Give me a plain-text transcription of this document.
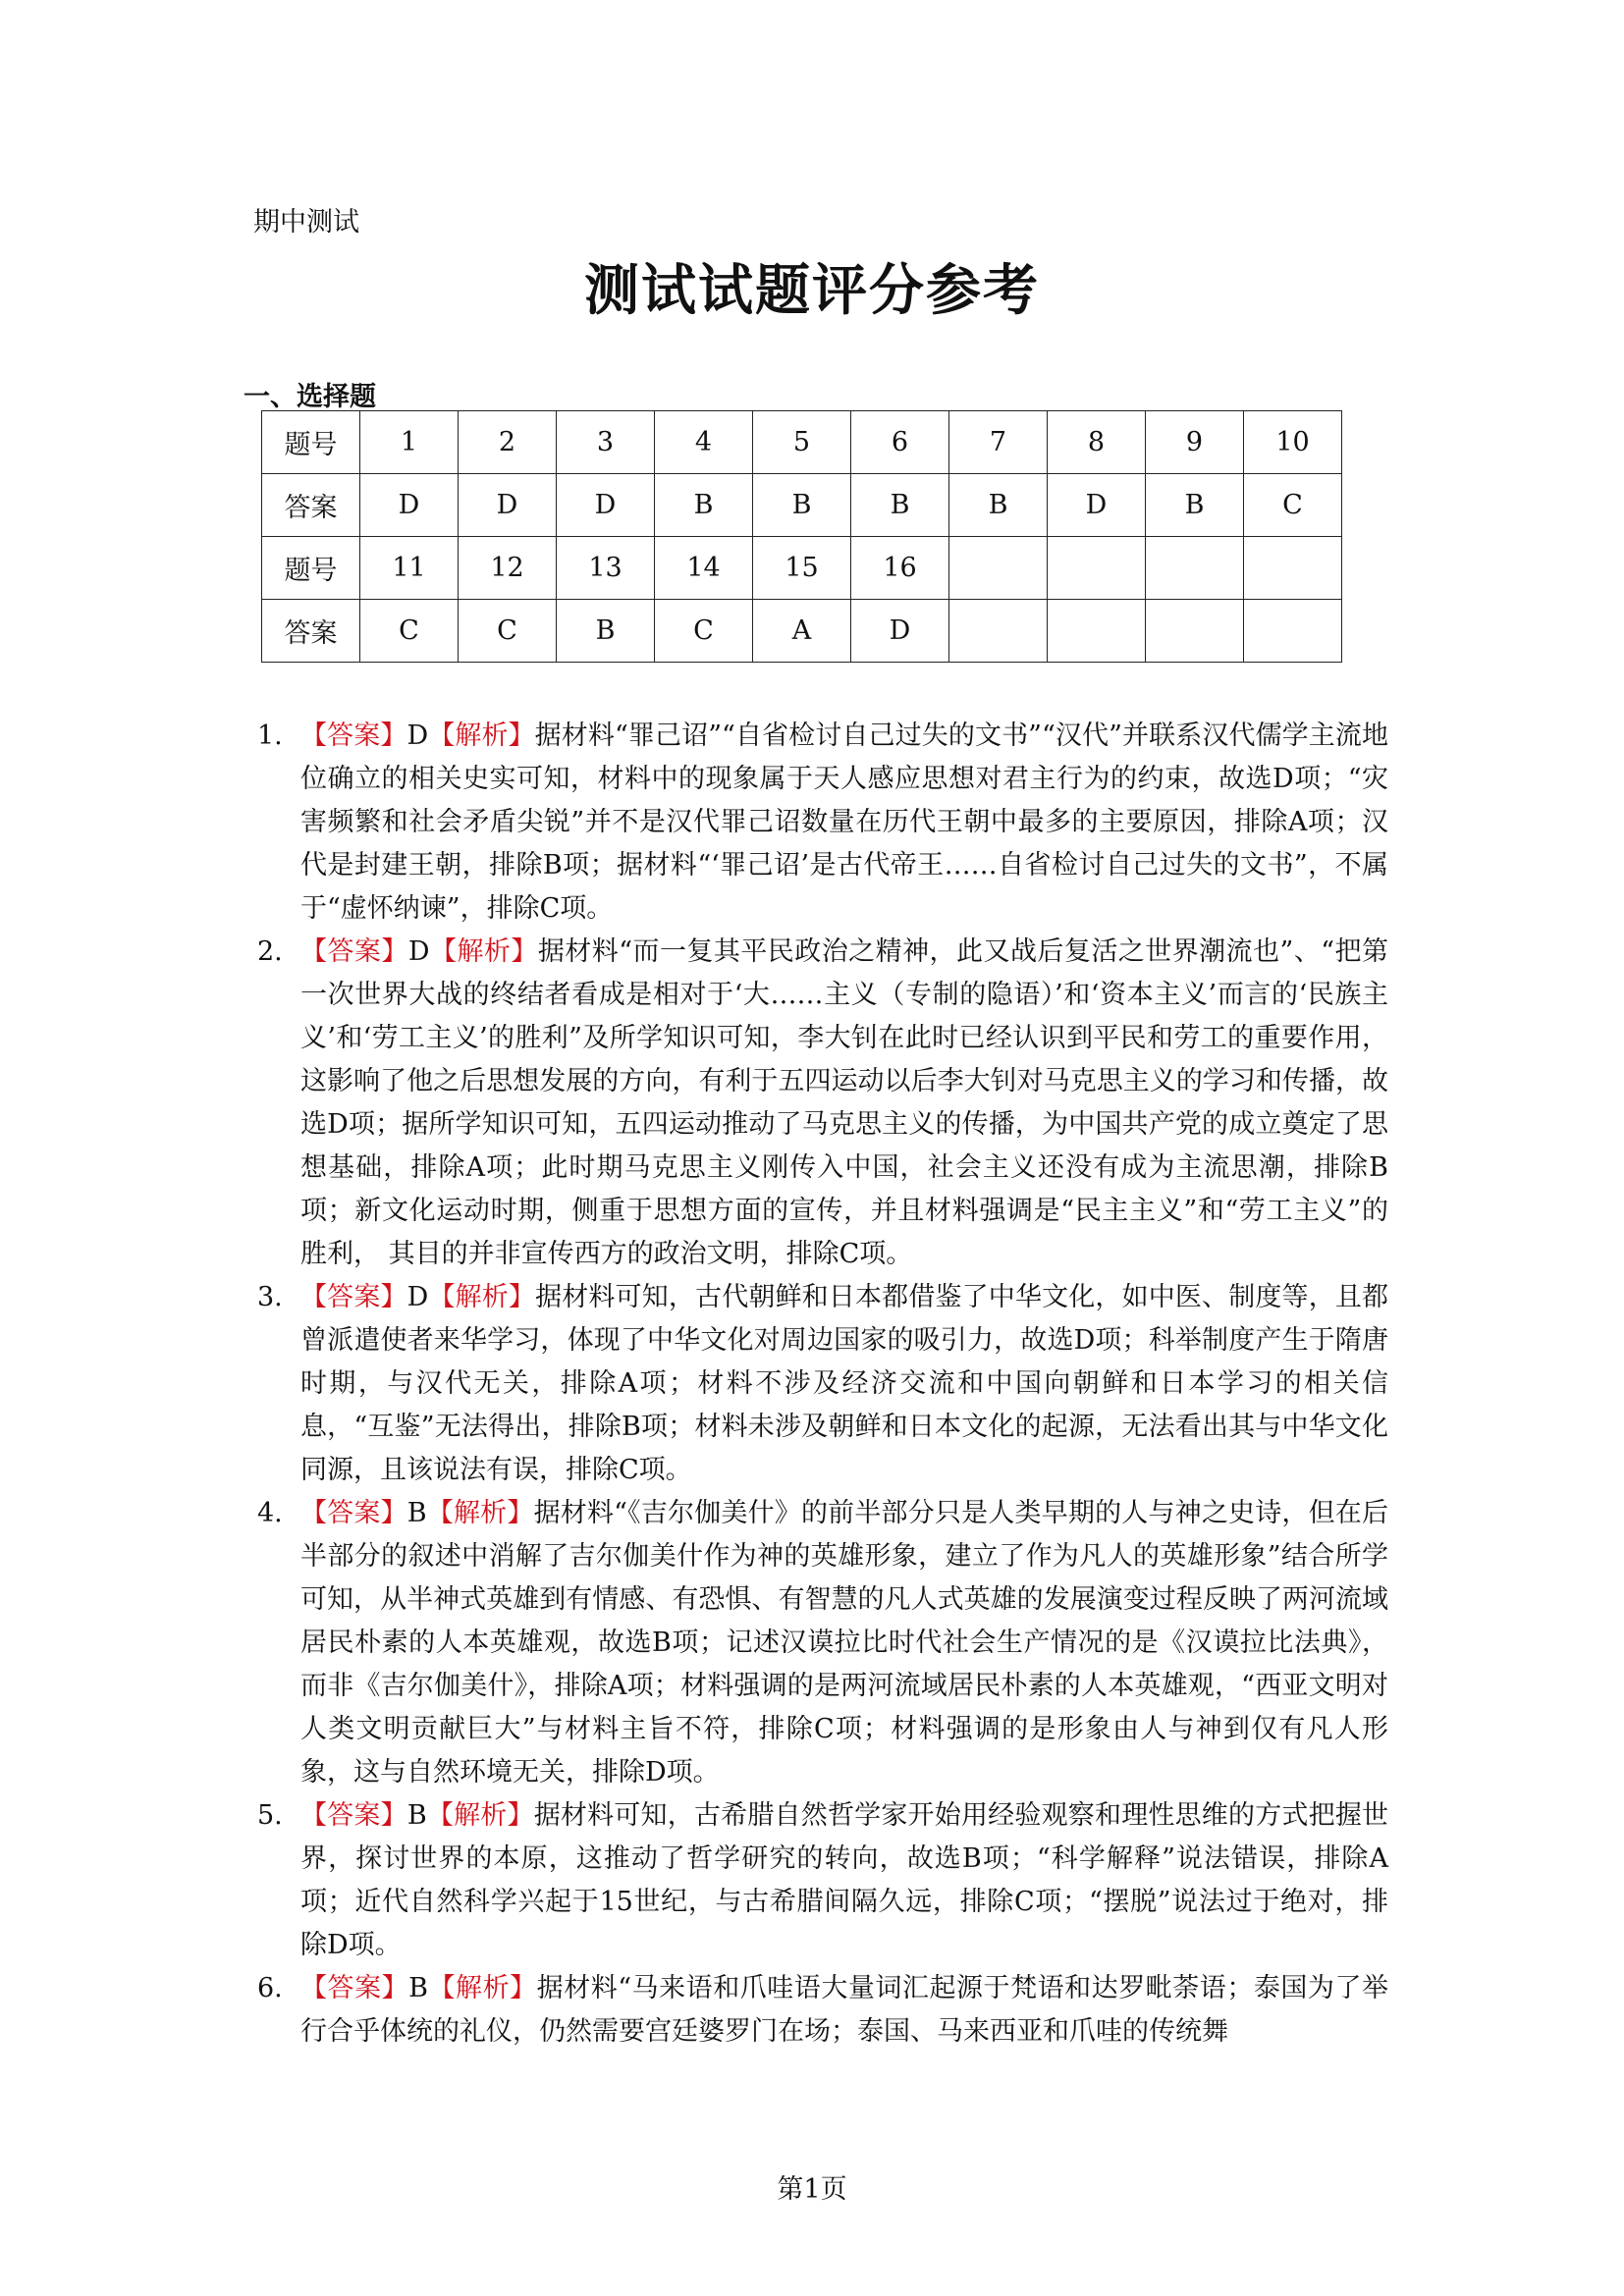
期中测试
测试试题评分参考
一、选择题
题号	1	2	3	4	5	6	7	8	9	10
答案	D	D	D	B	B	B	B	D	B	C
题号	11	12	13	14	15	16				
答案	C	C	B	C	A	D				
1. 【答案】D【解析】据材料“罪己诏”“自省检讨自己过失的文书”“汉代”并联系汉代儒学主流地位确立的相关史实可知，材料中的现象属于天人感应思想对君主行为的约束，故选D项；“灾害频繁和社会矛盾尖锐”并不是汉代罪己诏数量在历代王朝中最多的主要原因，排除A项；汉代是封建王朝，排除B项；据材料“‘罪己诏’是古代帝王……自省检讨自己过失的文书”，不属于“虚怀纳谏”，排除C项。
2. 【答案】D【解析】据材料“而一复其平民政治之精神，此又战后复活之世界潮流也”、“把第一次世界大战的终结者看成是相对于‘大……主义（专制的隐语）’和‘资本主义’而言的‘民族主义’和‘劳工主义’的胜利”及所学知识可知，李大钊在此时已经认识到平民和劳工的重要作用，这影响了他之后思想发展的方向，有利于五四运动以后李大钊对马克思主义的学习和传播，故选D项；据所学知识可知，五四运动推动了马克思主义的传播，为中国共产党的成立奠定了思想基础，排除A项；此时期马克思主义刚传入中国，社会主义还没有成为主流思潮，排除B项；新文化运动时期，侧重于思想方面的宣传，并且材料强调是“民主主义”和“劳工主义”的胜利， 其目的并非宣传西方的政治文明，排除C项。
3. 【答案】D【解析】据材料可知，古代朝鲜和日本都借鉴了中华文化，如中医、制度等，且都曾派遣使者来华学习，体现了中华文化对周边国家的吸引力，故选D项；科举制度产生于隋唐时期，与汉代无关，排除A项；材料不涉及经济交流和中国向朝鲜和日本学习的相关信息，“互鉴”无法得出，排除B项；材料未涉及朝鲜和日本文化的起源，无法看出其与中华文化同源，且该说法有误，排除C项。
4. 【答案】B【解析】据材料“《吉尔伽美什》的前半部分只是人类早期的人与神之史诗，但在后半部分的叙述中消解了吉尔伽美什作为神的英雄形象，建立了作为凡人的英雄形象”结合所学可知，从半神式英雄到有情感、有恐惧、有智慧的凡人式英雄的发展演变过程反映了两河流域居民朴素的人本英雄观，故选B项；记述汉谟拉比时代社会生产情况的是《汉谟拉比法典》，而非《吉尔伽美什》，排除A项；材料强调的是两河流域居民朴素的人本英雄观，“西亚文明对人类文明贡献巨大”与材料主旨不符，排除C项；材料强调的是形象由人与神到仅有凡人形象，这与自然环境无关，排除D项。
5. 【答案】B【解析】据材料可知，古希腊自然哲学家开始用经验观察和理性思维的方式把握世界，探讨世界的本原，这推动了哲学研究的转向，故选B项；“科学解释”说法错误，排除A项；近代自然科学兴起于15世纪，与古希腊间隔久远，排除C项；“摆脱”说法过于绝对，排除D项。
6. 【答案】B【解析】据材料“马来语和爪哇语大量词汇起源于梵语和达罗毗荼语；泰国为了举行合乎体统的礼仪，仍然需要宫廷婆罗门在场；泰国、马来西亚和爪哇的传统舞
第1页
